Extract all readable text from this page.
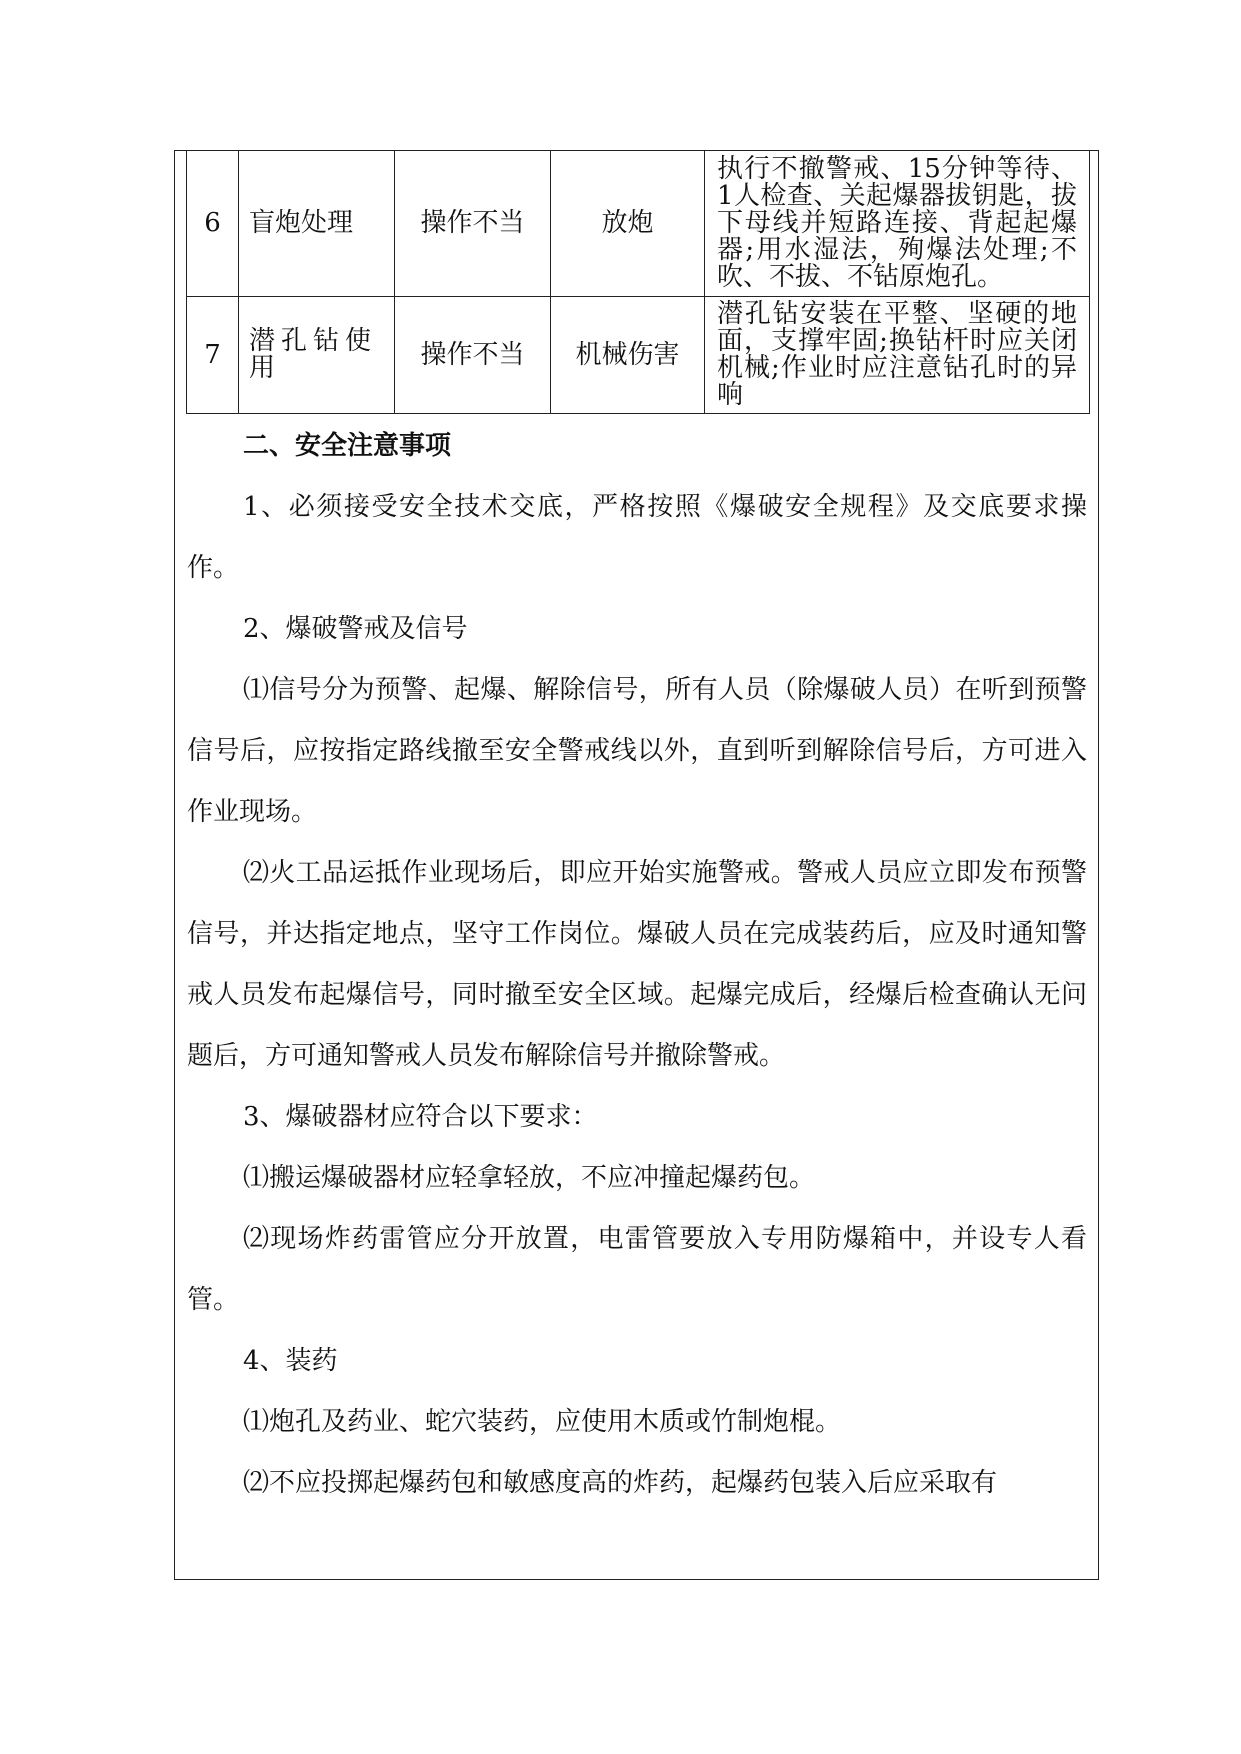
6	盲炮处理	操作不当	放炮	执行不撤警戒、15分钟等待、1人检查、关起爆器拔钥匙，拔下母线并短路连接、背起起爆器;用水湿法，殉爆法处理;不吹、不拔、不钻原炮孔。
7	潜孔钻使用	操作不当	机械伤害	潜孔钻安装在平整、坚硬的地面，支撑牢固;换钻杆时应关闭机械;作业时应注意钻孔时的异响

二、安全注意事项

1、必须接受安全技术交底，严格按照《爆破安全规程》及交底要求操作。

2、爆破警戒及信号

⑴信号分为预警、起爆、解除信号，所有人员（除爆破人员）在听到预警信号后，应按指定路线撤至安全警戒线以外，直到听到解除信号后，方可进入作业现场。

⑵火工品运抵作业现场后，即应开始实施警戒。警戒人员应立即发布预警信号，并达指定地点，坚守工作岗位。爆破人员在完成装药后，应及时通知警戒人员发布起爆信号，同时撤至安全区域。起爆完成后，经爆后检查确认无问题后，方可通知警戒人员发布解除信号并撤除警戒。

3、爆破器材应符合以下要求：

⑴搬运爆破器材应轻拿轻放，不应冲撞起爆药包。

⑵现场炸药雷管应分开放置，电雷管要放入专用防爆箱中，并设专人看管。

4、装药

⑴炮孔及药业、蛇穴装药，应使用木质或竹制炮棍。

⑵不应投掷起爆药包和敏感度高的炸药，起爆药包装入后应采取有
